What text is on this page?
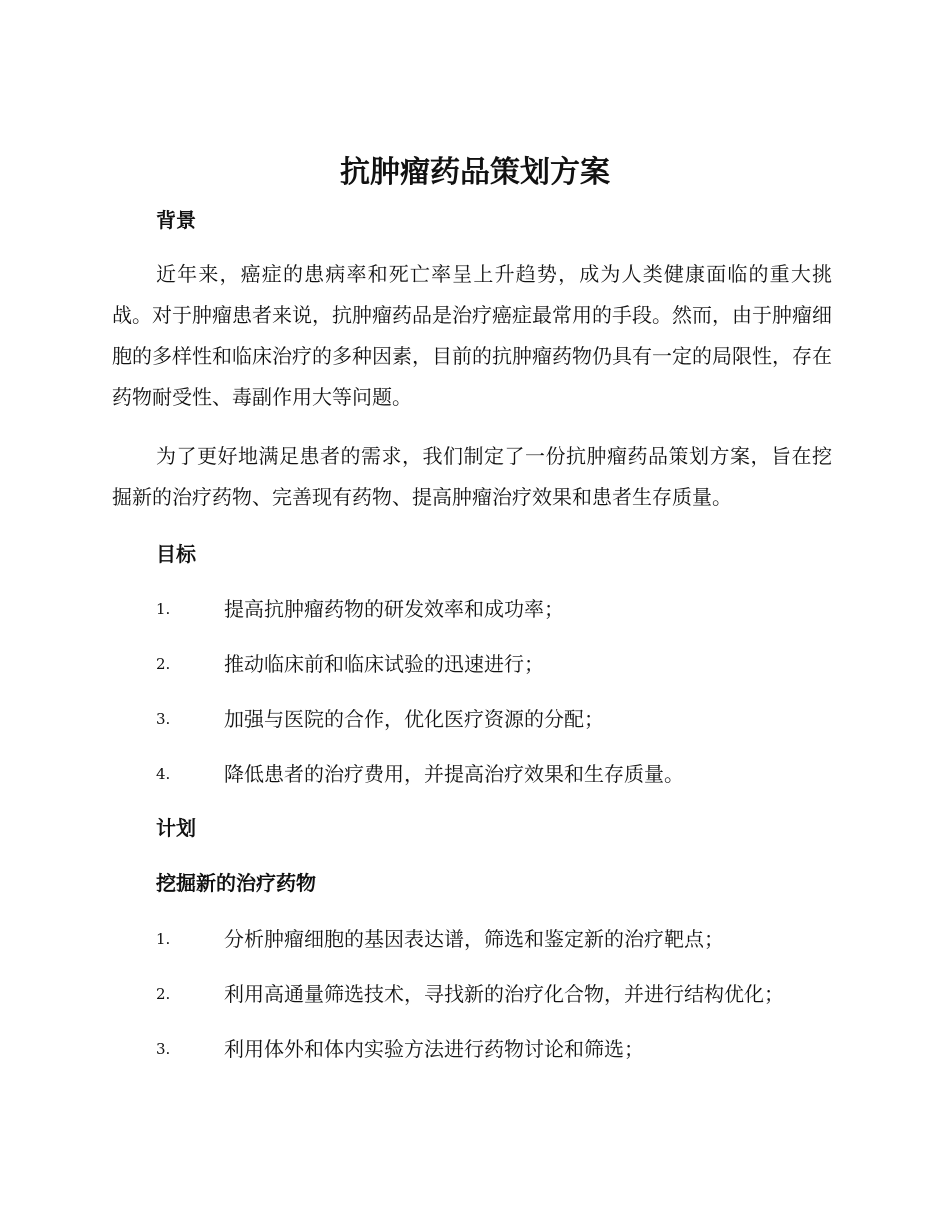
抗肿瘤药品策划方案
背景

近年来，癌症的患病率和死亡率呈上升趋势，成为人类健康面临的重大挑战。对于肿瘤患者来说，抗肿瘤药品是治疗癌症最常用的手段。然而，由于肿瘤细胞的多样性和临床治疗的多种因素，目前的抗肿瘤药物仍具有一定的局限性，存在药物耐受性、毒副作用大等问题。

为了更好地满足患者的需求，我们制定了一份抗肿瘤药品策划方案，旨在挖掘新的治疗药物、完善现有药物、提高肿瘤治疗效果和患者生存质量。

目标
1.	提高抗肿瘤药物的研发效率和成功率；
2.	推动临床前和临床试验的迅速进行；
3.	加强与医院的合作，优化医疗资源的分配；
4.	降低患者的治疗费用，并提高治疗效果和生存质量。
计划
挖掘新的治疗药物
1.	分析肿瘤细胞的基因表达谱，筛选和鉴定新的治疗靶点；
2.	利用高通量筛选技术，寻找新的治疗化合物，并进行结构优化；
3.	利用体外和体内实验方法进行药物讨论和筛选；
